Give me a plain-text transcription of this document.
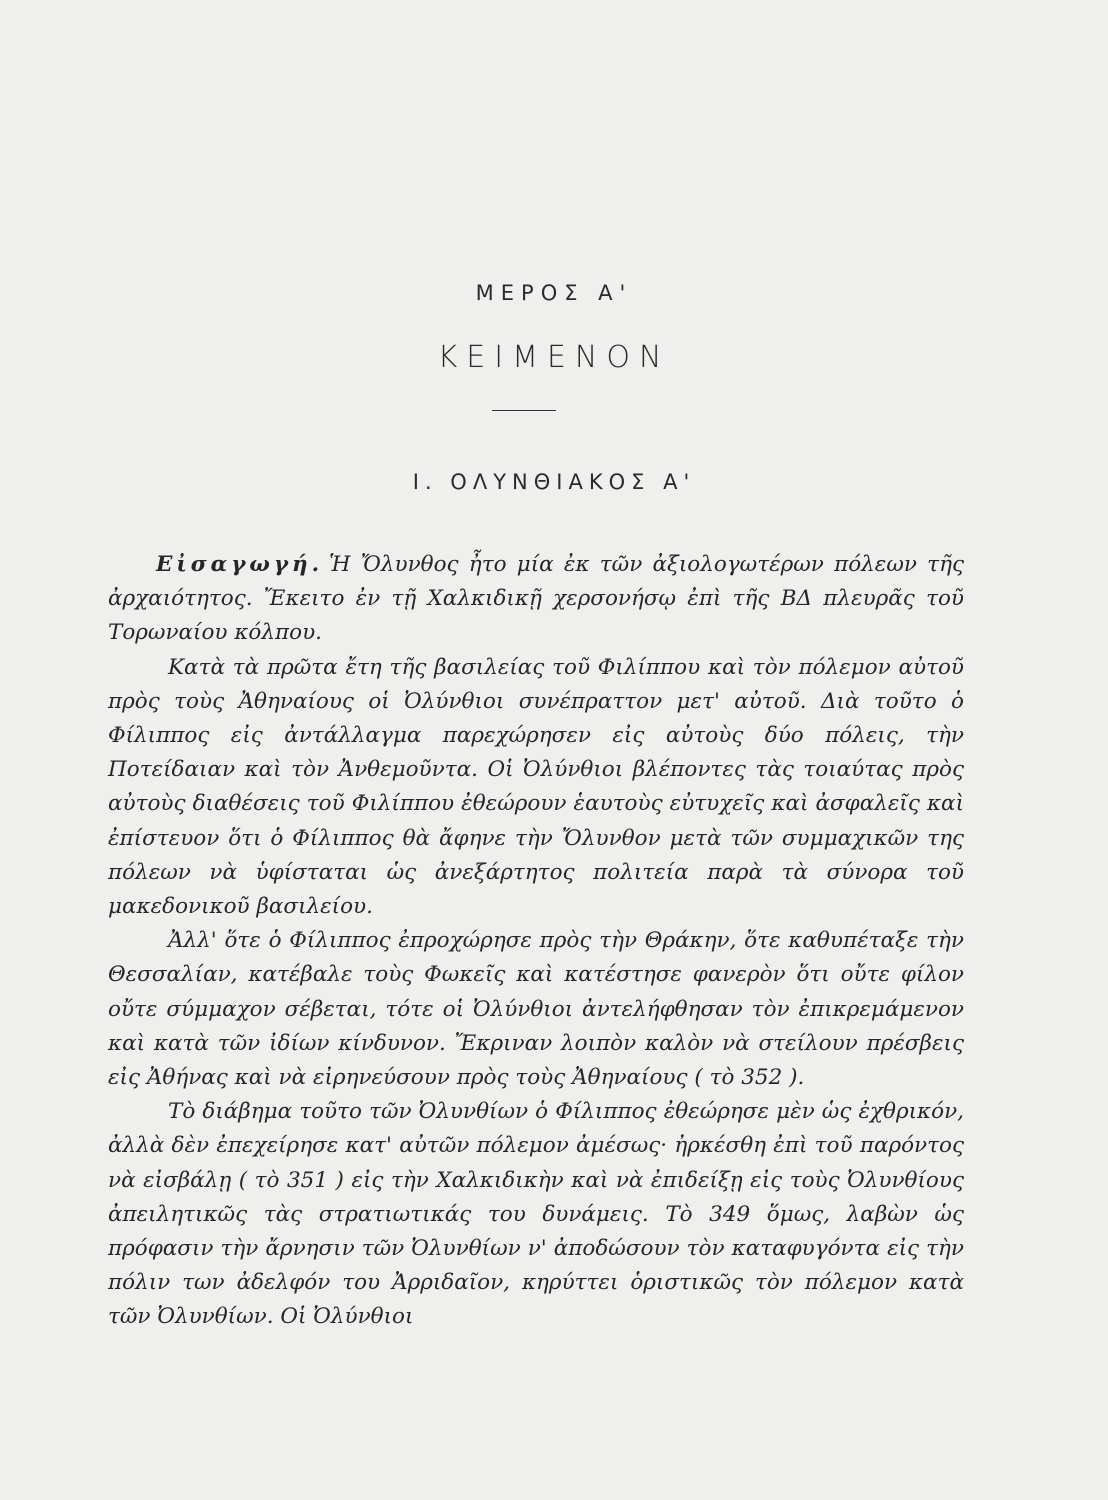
ΜΕΡΟΣ Α'
ΚΕΙΜΕΝΟΝ
Ι. ΟΛΥΝΘΙΑΚΟΣ Α'

Εἰσαγωγή. Ἡ Ὄλυνθος ἦτο μία ἐκ τῶν ἀξιολογωτέρων πόλεων τῆς ἀρχαιότητος. Ἔκειτο ἐν τῇ Χαλκιδικῇ χερσονήσῳ ἐπὶ τῆς ΒΔ πλευρᾶς τοῦ Τορωναίου κόλπου.

Κατὰ τὰ πρῶτα ἔτη τῆς βασιλείας τοῦ Φιλίππου καὶ τὸν πόλεμον αὐτοῦ πρὸς τοὺς Ἀθηναίους οἱ Ὀλύνθιοι συνέπραττον μετ' αὐτοῦ. Διὰ τοῦτο ὁ Φίλιππος εἰς ἀντάλλαγμα παρεχώρησεν εἰς αὐτοὺς δύο πόλεις, τὴν Ποτείδαιαν καὶ τὸν Ἀνθεμοῦντα. Οἱ Ὀλύνθιοι βλέποντες τὰς τοιαύτας πρὸς αὐτοὺς διαθέσεις τοῦ Φιλίππου ἐθεώρουν ἑαυτοὺς εὐτυχεῖς καὶ ἀσφαλεῖς καὶ ἐπίστευον ὅτι ὁ Φίλιππος θὰ ἄφηνε τὴν Ὄλυνθον μετὰ τῶν συμμαχικῶν της πόλεων νὰ ὑφίσταται ὡς ἀνεξάρτητος πολιτεία παρὰ τὰ σύνορα τοῦ μακεδονικοῦ βασιλείου.

Ἀλλ' ὅτε ὁ Φίλιππος ἐπροχώρησε πρὸς τὴν Θράκην, ὅτε καθυπέταξε τὴν Θεσσαλίαν, κατέβαλε τοὺς Φωκεῖς καὶ κατέστησε φανερὸν ὅτι οὔτε φίλον οὔτε σύμμαχον σέβεται, τότε οἱ Ὀλύνθιοι ἀντελήφθησαν τὸν ἐπικρεμάμενον καὶ κατὰ τῶν ἰδίων κίνδυνον. Ἔκριναν λοιπὸν καλὸν νὰ στείλουν πρέσβεις εἰς Ἀθήνας καὶ νὰ εἰρηνεύσουν πρὸς τοὺς Ἀθηναίους ( τὸ 352 ).

Τὸ διάβημα τοῦτο τῶν Ὀλυνθίων ὁ Φίλιππος ἐθεώρησε μὲν ὡς ἐχθρικόν, ἀλλὰ δὲν ἐπεχείρησε κατ' αὐτῶν πόλεμον ἀμέσως· ἠρκέσθη ἐπὶ τοῦ παρόντος νὰ εἰσβάλῃ ( τὸ 351 ) εἰς τὴν Χαλκιδικὴν καὶ νὰ ἐπιδείξῃ εἰς τοὺς Ὀλυνθίους ἀπειλητικῶς τὰς στρατιωτικάς του δυνάμεις. Τὸ 349 ὅμως, λαβὼν ὡς πρόφασιν τὴν ἄρνησιν τῶν Ὀλυνθίων ν' ἀποδώσουν τὸν καταφυγόντα εἰς τὴν πόλιν των ἀδελφόν του Ἀρριδαῖον, κηρύττει ὁριστικῶς τὸν πόλεμον κατὰ τῶν Ὀλυνθίων. Οἱ Ὀλύνθιοι
